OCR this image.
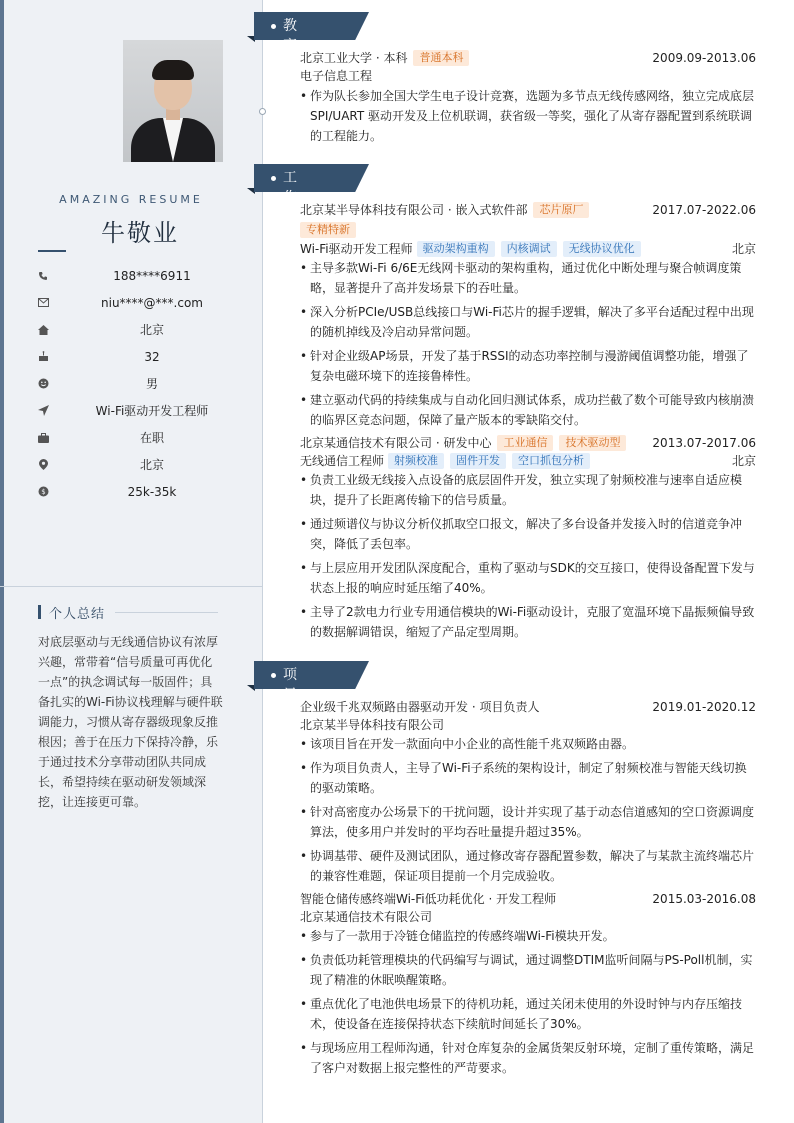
AMAZING RESUME
牛敬业
188****6911
niu****@***.com
北京
32
男
Wi-Fi驱动开发工程师
在职
北京
$	25k-35k
个人总结
对底层驱动与无线通信协议有浓厚兴趣，常带着“信号质量可再优化一点”的执念调试每一版固件；具备扎实的Wi-Fi协议栈理解与硬件联调能力，习惯从寄存器级现象反推根因；善于在压力下保持冷静，乐于通过技术分享带动团队共同成长，希望持续在驱动研发领域深挖，让连接更可靠。
教育经历
北京工业大学 · 本科	普通本科	2009.09-2013.06
电子信息工程
• 作为队长参加全国大学生电子设计竞赛，选题为多节点无线传感网络，独立完成底层SPI/UART 驱动开发及上位机联调，获省级一等奖，强化了从寄存器配置到系统联调的工程能力。
工作经历
北京某半导体科技有限公司 · 嵌入式软件部	芯片原厂	2017.07-2022.06
专精特新
Wi-Fi驱动开发工程师 驱动架构重构	内核调试	无线协议优化	北京
• 主导多款Wi-Fi 6/6E无线网卡驱动的架构重构，通过优化中断处理与聚合帧调度策略，显著提升了高并发场景下的吞吐量。
• 深入分析PCIe/USB总线接口与Wi-Fi芯片的握手逻辑，解决了多平台适配过程中出现的随机掉线及冷启动异常问题。
• 针对企业级AP场景，开发了基于RSSI的动态功率控制与漫游阈值调整功能，增强了复杂电磁环境下的连接鲁棒性。
• 建立驱动代码的持续集成与自动化回归测试体系，成功拦截了数个可能导致内核崩溃的临界区竞态问题，保障了量产版本的零缺陷交付。
北京某通信技术有限公司 · 研发中心	工业通信	技术驱动型	2013.07-2017.06
无线通信工程师 射频校准	固件开发	空口抓包分析	北京
• 负责工业级无线接入点设备的底层固件开发，独立实现了射频校准与速率自适应模块，提升了长距离传输下的信号质量。
• 通过频谱仪与协议分析仪抓取空口报文，解决了多台设备并发接入时的信道竞争冲突，降低了丢包率。
• 与上层应用开发团队深度配合，重构了驱动与SDK的交互接口，使得设备配置下发与状态上报的响应时延压缩了40%。
• 主导了2款电力行业专用通信模块的Wi-Fi驱动设计，克服了宽温环境下晶振频偏导致的数据解调错误，缩短了产品定型周期。
项目经历
企业级千兆双频路由器驱动开发 · 项目负责人	2019.01-2020.12
北京某半导体科技有限公司
• 该项目旨在开发一款面向中小企业的高性能千兆双频路由器。
• 作为项目负责人，主导了Wi-Fi子系统的架构设计，制定了射频校准与智能天线切换的驱动策略。
• 针对高密度办公场景下的干扰问题，设计并实现了基于动态信道感知的空口资源调度算法，使多用户并发时的平均吞吐量提升超过35%。
• 协调基带、硬件及测试团队，通过修改寄存器配置参数，解决了与某款主流终端芯片的兼容性难题，保证项目提前一个月完成验收。
智能仓储传感终端Wi-Fi低功耗优化 · 开发工程师	2015.03-2016.08
北京某通信技术有限公司
• 参与了一款用于冷链仓储监控的传感终端Wi-Fi模块开发。
• 负责低功耗管理模块的代码编写与调试，通过调整DTIM监听间隔与PS-Poll机制，实现了精准的休眠唤醒策略。
• 重点优化了电池供电场景下的待机功耗，通过关闭未使用的外设时钟与内存压缩技术，使设备在连接保持状态下续航时间延长了30%。
• 与现场应用工程师沟通，针对仓库复杂的金属货架反射环境，定制了重传策略，满足了客户对数据上报完整性的严苛要求。
